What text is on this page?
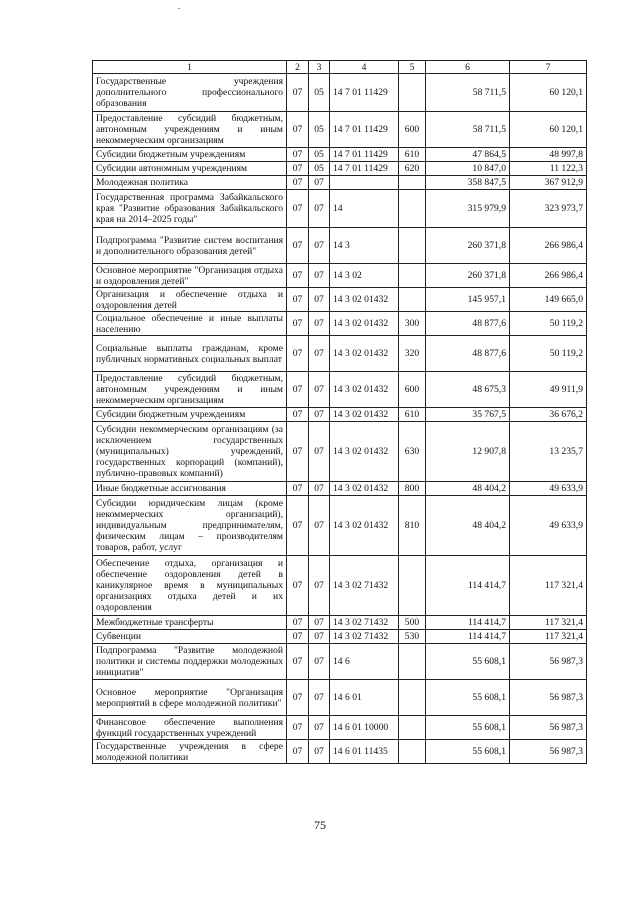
1	2	3	4	5	6	7
Государственные учреждения дополнительного профессионального образования	07	05	14 7 01 11429		58 711,5	60 120,1
Предоставление субсидий бюджетным, автономным учреждениям и иным некоммерческим организациям	07	05	14 7 01 11429	600	58 711,5	60 120,1
Субсидии бюджетным учреждениям	07	05	14 7 01 11429	610	47 864,5	48 997,8
Субсидии автономным учреждениям	07	05	14 7 01 11429	620	10 847,0	11 122,3
Молодежная политика	07	07			358 847,5	367 912,9
Государственная программа Забайкальского края "Развитие образования Забайкальского края на 2014–2025 годы"	07	07	14		315 979,9	323 973,7
Подпрограмма "Развитие систем воспитания и дополнительного образования детей"	07	07	14 3		260 371,8	266 986,4
Основное мероприятие "Организация отдыха и оздоровления детей"	07	07	14 3 02		260 371,8	266 986,4
Организация и обеспечение отдыха и оздоровления детей	07	07	14 3 02 01432		145 957,1	149 665,0
Социальное обеспечение и иные выплаты населению	07	07	14 3 02 01432	300	48 877,6	50 119,2
Социальные выплаты гражданам, кроме публичных нормативных социальных выплат	07	07	14 3 02 01432	320	48 877,6	50 119,2
Предоставление субсидий бюджетным, автономным учреждениям и иным некоммерческим организациям	07	07	14 3 02 01432	600	48 675,3	49 911,9
Субсидии бюджетным учреждениям	07	07	14 3 02 01432	610	35 767,5	36 676,2
Субсидии некоммерческим организациям (за исключением государственных (муниципальных) учреждений, государственных корпораций (компаний), публично-правовых компаний)	07	07	14 3 02 01432	630	12 907,8	13 235,7
Иные бюджетные ассигнования	07	07	14 3 02 01432	800	48 404,2	49 633,9
Субсидии юридическим лицам (кроме некоммерческих организаций), индивидуальным предпринимателям, физическим лицам – производителям товаров, работ, услуг	07	07	14 3 02 01432	810	48 404,2	49 633,9
Обеспечение отдыха, организация и обеспечение оздоровления детей в каникулярное время в муниципальных организациях отдыха детей и их оздоровления	07	07	14 3 02 71432		114 414,7	117 321,4
Межбюджетные трансферты	07	07	14 3 02 71432	500	114 414,7	117 321,4
Субвенции	07	07	14 3 02 71432	530	114 414,7	117 321,4
Подпрограмма "Развитие молодежной политики и системы поддержки молодежных инициатив"	07	07	14 6		55 608,1	56 987,3
Основное мероприятие "Организация мероприятий в сфере молодежной политики"	07	07	14 6 01		55 608,1	56 987,3
Финансовое обеспечение выполнения функций государственных учреждений	07	07	14 6 01 10000		55 608,1	56 987,3
Государственные учреждения в сфере молодежной политики	07	07	14 6 01 11435		55 608,1	56 987,3
75
